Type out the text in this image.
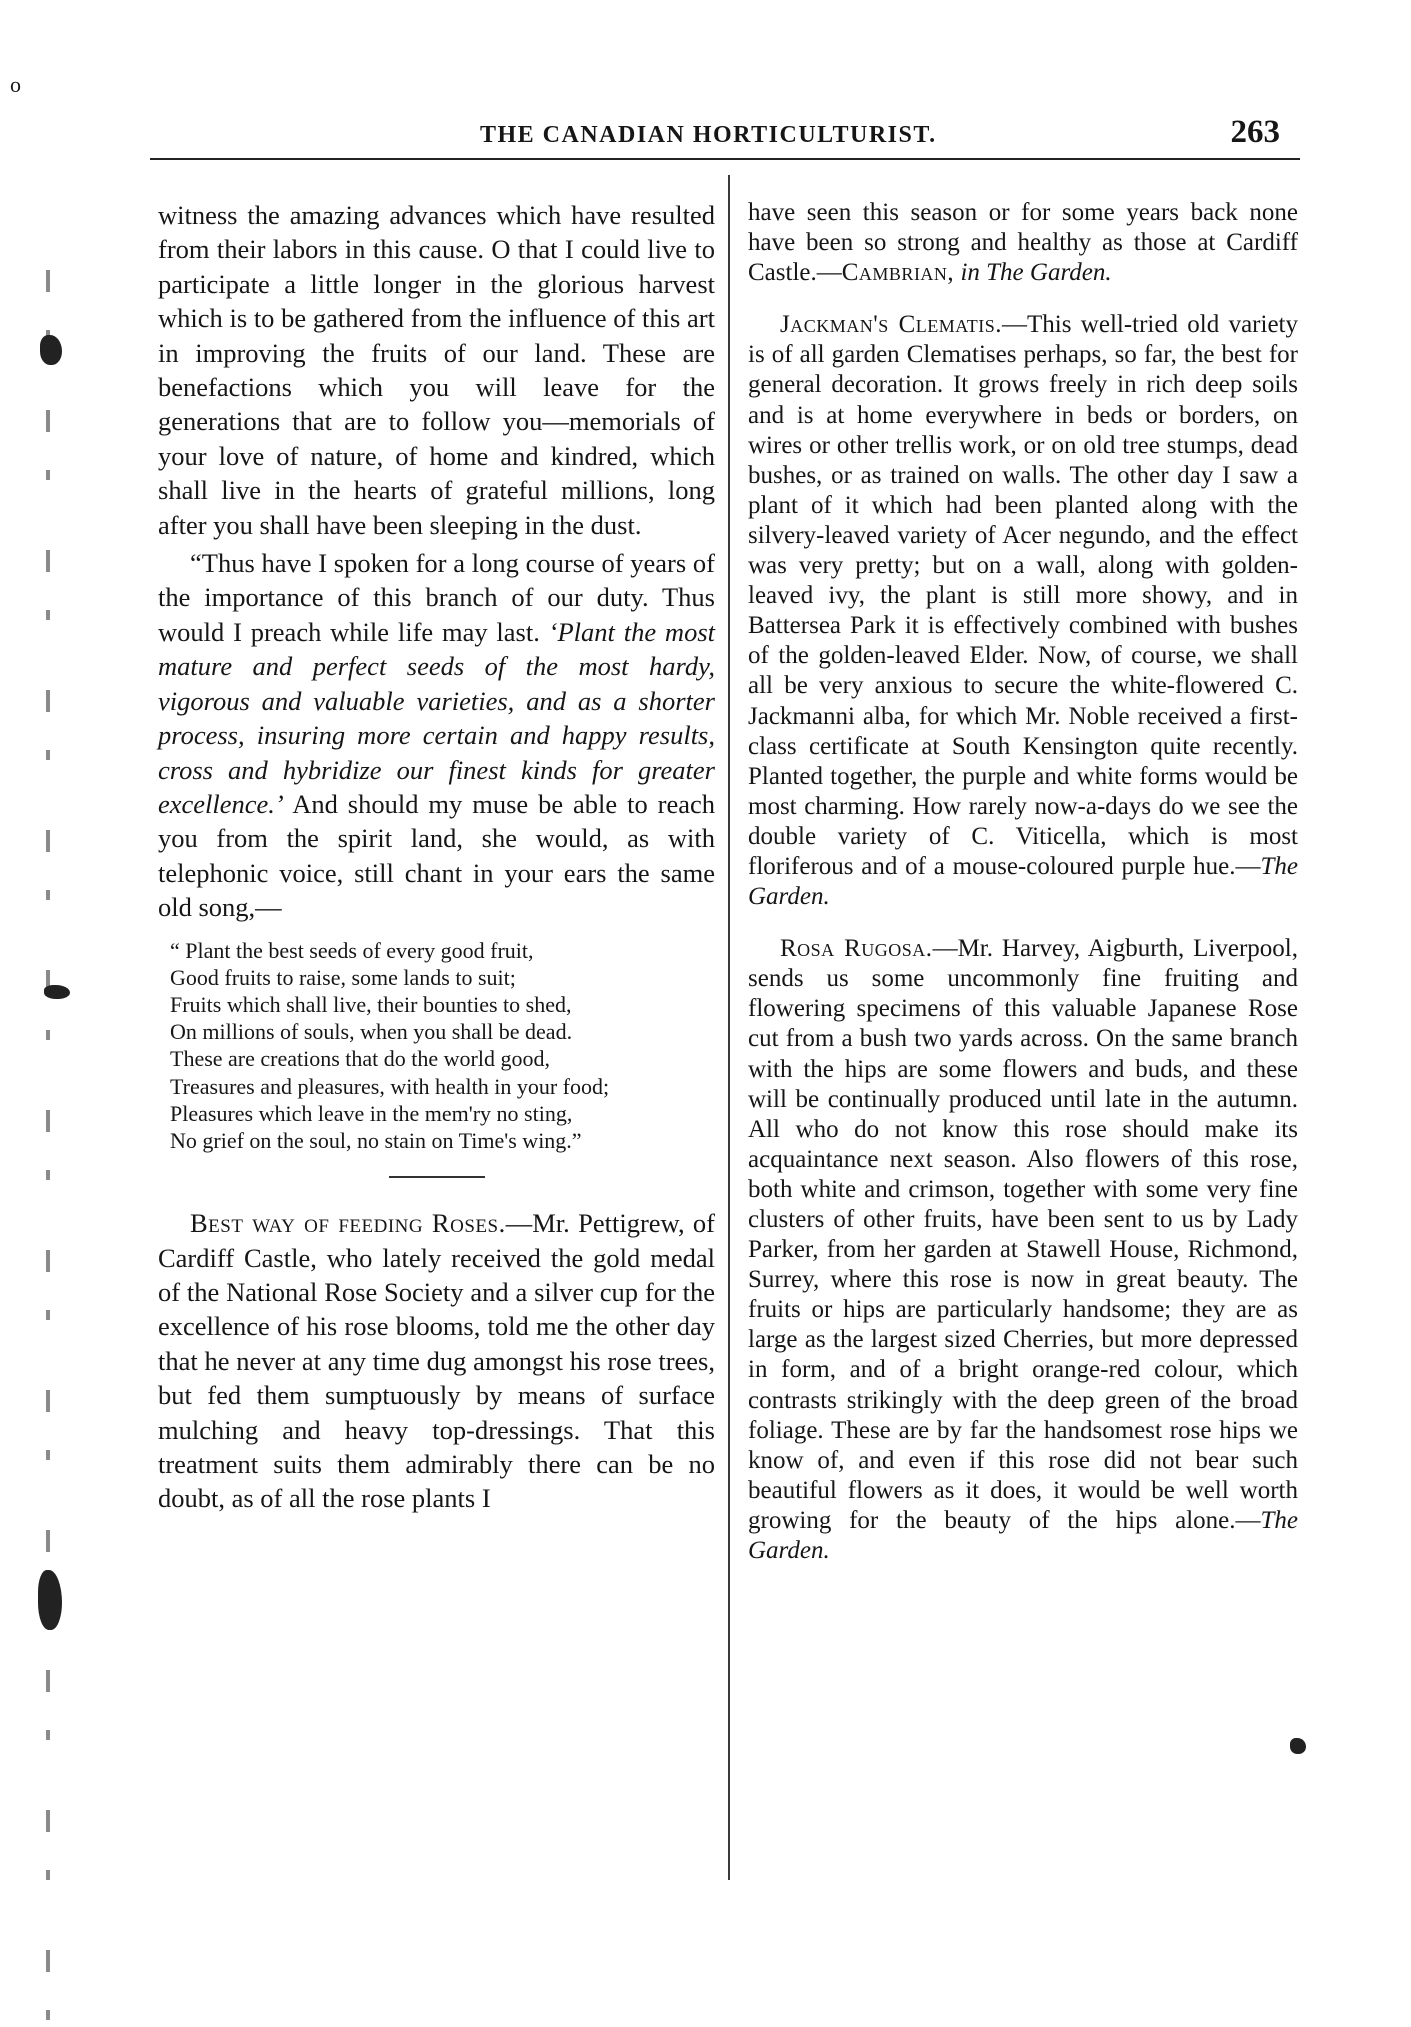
o
THE CANADIAN HORTICULTURIST.	263

witness the amazing advances which have resulted from their labors in this cause. O that I could live to participate a little longer in the glorious harvest which is to be gathered from the influence of this art in improving the fruits of our land. These are benefactions which you will leave for the generations that are to follow you—memorials of your love of nature, of home and kindred, which shall live in the hearts of grateful millions, long after you shall have been sleeping in the dust.

“Thus have I spoken for a long course of years of the importance of this branch of our duty. Thus would I preach while life may last. ‘Plant the most mature and perfect seeds of the most hardy, vigorous and valuable varieties, and as a shorter process, insuring more certain and happy results, cross and hybridize our finest kinds for greater excellence.’ And should my muse be able to reach you from the spirit land, she would, as with telephonic voice, still chant in your ears the same old song,—

“ Plant the best seeds of every good fruit,
Good fruits to raise, some lands to suit;
Fruits which shall live, their bounties to shed,
On millions of souls, when you shall be dead.
These are creations that do the world good,
Treasures and pleasures, with health in your food;
Pleasures which leave in the mem'ry no sting,
No grief on the soul, no stain on Time's wing.”

Best way of feeding Roses.—Mr. Pettigrew, of Cardiff Castle, who lately received the gold medal of the National Rose Society and a silver cup for the excellence of his rose blooms, told me the other day that he never at any time dug amongst his rose trees, but fed them sumptuously by means of surface mulching and heavy top-dressings. That this treatment suits them admirably there can be no doubt, as of all the rose plants I

have seen this season or for some years back none have been so strong and healthy as those at Cardiff Castle.—Cambrian, in The Garden.

Jackman's Clematis.—This well-tried old variety is of all garden Clematises perhaps, so far, the best for general decoration. It grows freely in rich deep soils and is at home everywhere in beds or borders, on wires or other trellis work, or on old tree stumps, dead bushes, or as trained on walls. The other day I saw a plant of it which had been planted along with the silvery-leaved variety of Acer negundo, and the effect was very pretty; but on a wall, along with golden-leaved ivy, the plant is still more showy, and in Battersea Park it is effectively combined with bushes of the golden-leaved Elder. Now, of course, we shall all be very anxious to secure the white-flowered C. Jackmanni alba, for which Mr. Noble received a first-class certificate at South Kensington quite recently. Planted together, the purple and white forms would be most charming. How rarely now-a-days do we see the double variety of C. Viticella, which is most floriferous and of a mouse-coloured purple hue.—The Garden.

Rosa Rugosa.—Mr. Harvey, Aigburth, Liverpool, sends us some uncommonly fine fruiting and flowering specimens of this valuable Japanese Rose cut from a bush two yards across. On the same branch with the hips are some flowers and buds, and these will be continually produced until late in the autumn. All who do not know this rose should make its acquaintance next season. Also flowers of this rose, both white and crimson, together with some very fine clusters of other fruits, have been sent to us by Lady Parker, from her garden at Stawell House, Richmond, Surrey, where this rose is now in great beauty. The fruits or hips are particularly handsome; they are as large as the largest sized Cherries, but more depressed in form, and of a bright orange-red colour, which contrasts strikingly with the deep green of the broad foliage. These are by far the handsomest rose hips we know of, and even if this rose did not bear such beautiful flowers as it does, it would be well worth growing for the beauty of the hips alone.—The Garden.
